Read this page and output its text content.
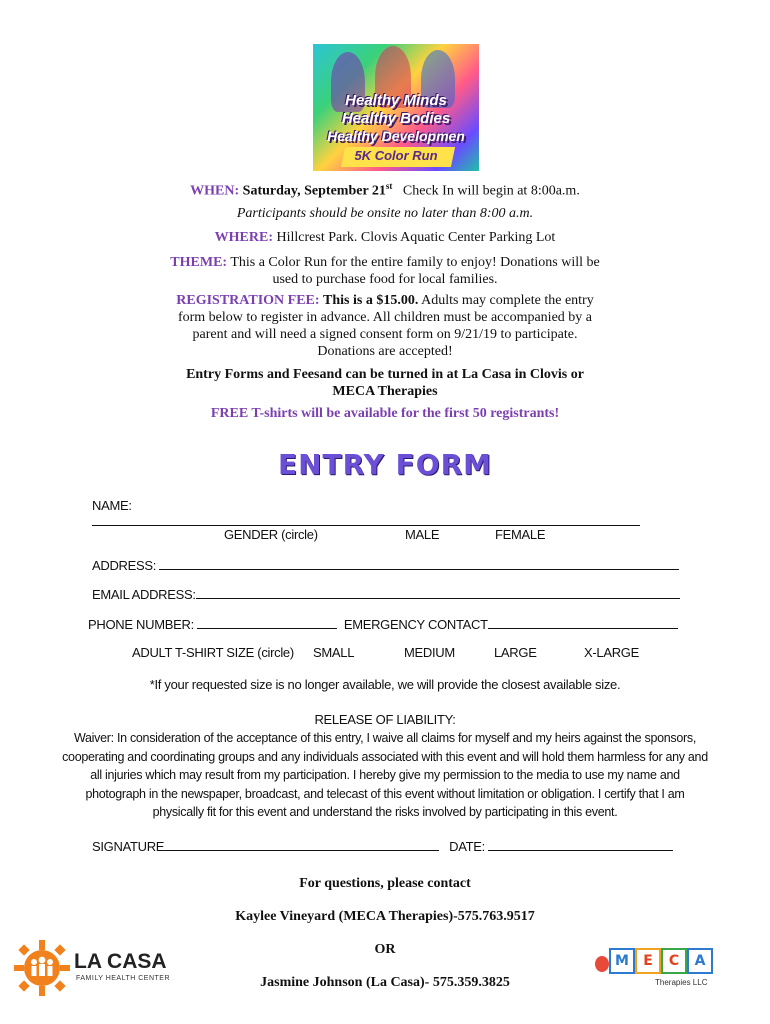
Healthy Minds
Healthy Bodies
Healthy Developmen
5K Color Run
WHEN: Saturday, September 21st Check In will begin at 8:00a.m.
Participants should be onsite no later than 8:00 a.m.
WHERE: Hillcrest Park. Clovis Aquatic Center Parking Lot
THEME: This a Color Run for the entire family to enjoy! Donations will be
used to purchase food for local families.
REGISTRATION FEE: This is a $15.00. Adults may complete the entry
form below to register in advance. All children must be accompanied by a
parent and will need a signed consent form on 9/21/19 to participate.
Donations are accepted!
Entry Forms and Feesand can be turned in at La Casa in Clovis or
MECA Therapies
FREE T-shirts will be available for the first 50 registrants!
ENTRY FORM
NAME:
GENDER (circle)	MALE	FEMALE
ADDRESS:
EMAIL ADDRESS:
PHONE NUMBER:	EMERGENCY CONTACT
ADULT T-SHIRT SIZE (circle) SMALL	MEDIUM	LARGE	X-LARGE
*If your requested size is no longer available, we will provide the closest available size.
RELEASE OF LIABILITY:
Waiver: In consideration of the acceptance of this entry, I waive all claims for myself and my heirs against the sponsors,
cooperating and coordinating groups and any individuals associated with this event and will hold them harmless for any and
all injuries which may result from my participation. I hereby give my permission to the media to use my name and
photograph in the newspaper, broadcast, and telecast of this event without limitation or obligation. I certify that I am
physically fit for this event and understand the risks involved by participating in this event.
SIGNATURE	DATE:
For questions, please contact
Kaylee Vineyard (MECA Therapies)-575.763.9517
OR
Jasmine Johnson (La Casa)- 575.359.3825
LA CASA
FAMILY HEALTH CENTER
M	E	C	A
Therapies LLC
